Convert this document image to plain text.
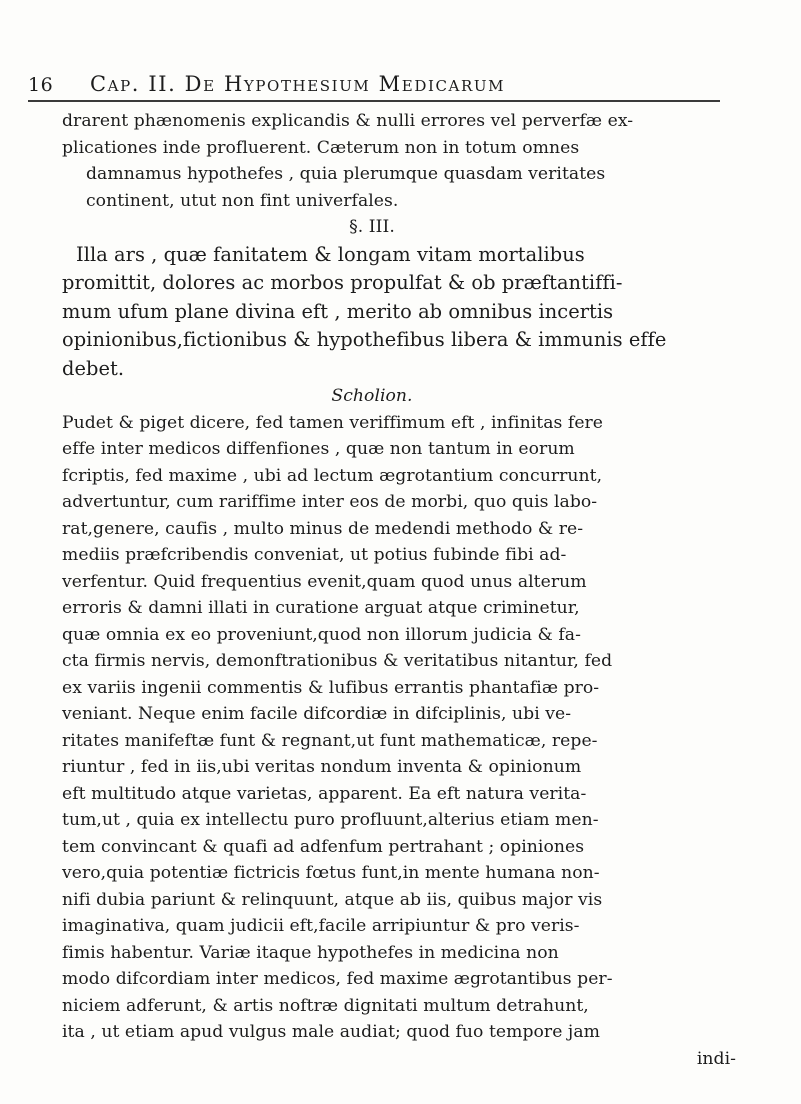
16 Cap. II. De Hypothesium Medicarum
drarent phænomenis explicandis & nulli errores vel perverfæ ex-
plicationes inde profluerent. Cæterum non in totum omnes
damnamus hypothefes , quia plerumque quasdam veritates
continent, utut non fint univerfales.
§. III.
Illa ars , quæ fanitatem & longam vitam mortalibus
promittit, dolores ac morbos propulfat & ob præftantiffi-
mum ufum plane divina eft , merito ab omnibus incertis
opinionibus,fictionibus & hypothefibus libera & immunis effe
debet.
Scholion.
Pudet & piget dicere, fed tamen veriffimum eft , infinitas fere
effe inter medicos diffenfiones , quæ non tantum in eorum
fcriptis, fed maxime , ubi ad lectum ægrotantium concurrunt,
advertuntur, cum rariffime inter eos de morbi, quo quis labo-
rat,genere, caufis , multo minus de medendi methodo & re-
mediis præfcribendis conveniat, ut potius fubinde fibi ad-
verfentur. Quid frequentius evenit,quam quod unus alterum
erroris & damni illati in curatione arguat atque criminetur,
quæ omnia ex eo proveniunt,quod non illorum judicia & fa-
cta firmis nervis, demonftrationibus & veritatibus nitantur, fed
ex variis ingenii commentis & lufibus errantis phantafiæ pro-
veniant. Neque enim facile difcordiæ in difciplinis, ubi ve-
ritates manifeftæ funt & regnant,ut funt mathematicæ, repe-
riuntur , fed in iis,ubi veritas nondum inventa & opinionum
eft multitudo atque varietas, apparent. Ea eft natura verita-
tum,ut , quia ex intellectu puro profluunt,alterius etiam men-
tem convincant & quafi ad adfenfum pertrahant ; opiniones
vero,quia potentiæ fictricis fœtus funt,in mente humana non-
nifi dubia pariunt & relinquunt, atque ab iis, quibus major vis
imaginativa, quam judicii eft,facile arripiuntur & pro veris-
fimis habentur. Variæ itaque hypothefes in medicina non
modo difcordiam inter medicos, fed maxime ægrotantibus per-
niciem adferunt, & artis noftræ dignitati multum detrahunt,
ita , ut etiam apud vulgus male audiat; quod fuo tempore jam
indi-
